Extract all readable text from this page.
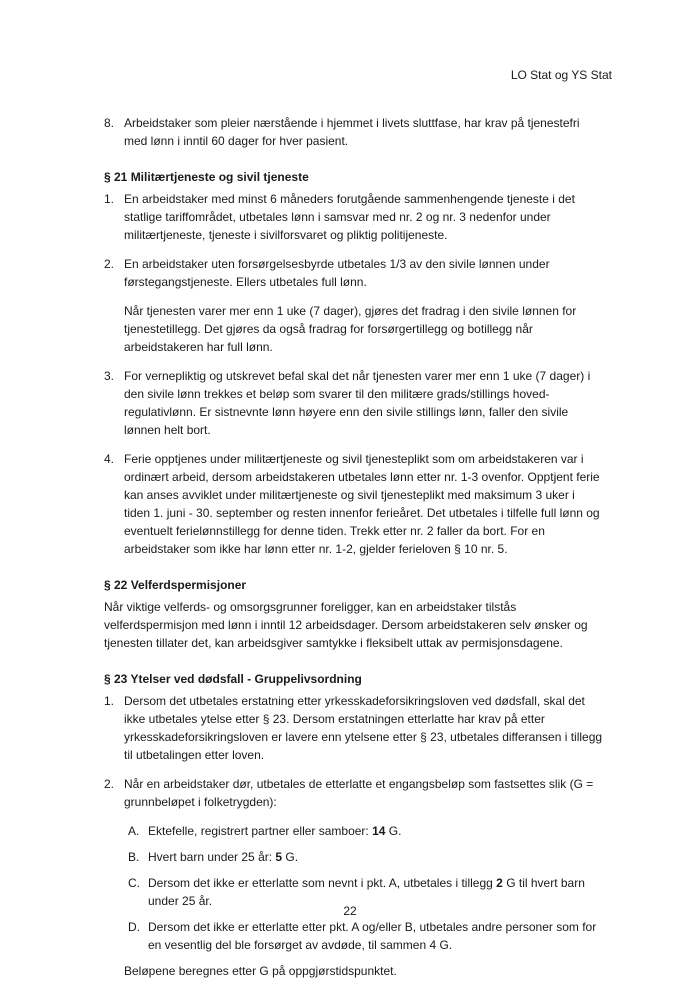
LO Stat og YS Stat
8. Arbeidstaker som pleier nærstående i hjemmet i livets sluttfase, har krav på tjenestefri med lønn i inntil 60 dager for hver pasient.

§ 21 Militærtjeneste og sivil tjeneste
1. En arbeidstaker med minst 6 måneders forutgående sammenhengende tjeneste i det statlige tariffområdet, utbetales lønn i samsvar med nr. 2 og nr. 3 nedenfor under militærtjeneste, tjeneste i sivilforsvaret og pliktig politijeneste.

2. En arbeidstaker uten forsørgelsesbyrde utbetales 1/3 av den sivile lønnen under førstegangstjeneste. Ellers utbetales full lønn.

Når tjenesten varer mer enn 1 uke (7 dager), gjøres det fradrag i den sivile lønnen for tjenestetillegg. Det gjøres da også fradrag for forsørgertillegg og botillegg når arbeidstakeren har full lønn.

3. For vernepliktig og utskrevet befal skal det når tjenesten varer mer enn 1 uke (7 dager) i den sivile lønn trekkes et beløp som svarer til den militære grads/stillings hoved-regulativlønn. Er sistnevnte lønn høyere enn den sivile stillings lønn, faller den sivile lønnen helt bort.

4. Ferie opptjenes under militærtjeneste og sivil tjenesteplikt som om arbeidstakeren var i ordinært arbeid, dersom arbeidstakeren utbetales lønn etter nr. 1-3 ovenfor. Opptjent ferie kan anses avviklet under militærtjeneste og sivil tjenesteplikt med maksimum 3 uker i tiden 1. juni - 30. september og resten innenfor ferieåret. Det utbetales i tilfelle full lønn og eventuelt ferielønnstillegg for denne tiden. Trekk etter nr. 2 faller da bort. For en arbeidstaker som ikke har lønn etter nr. 1-2, gjelder ferieloven § 10 nr. 5.

§ 22 Velferdspermisjoner

Når viktige velferds- og omsorgsgrunner foreligger, kan en arbeidstaker tilstås velferdspermisjon med lønn i inntil 12 arbeidsdager. Dersom arbeidstakeren selv ønsker og tjenesten tillater det, kan arbeidsgiver samtykke i fleksibelt uttak av permisjonsdagene.

§ 23 Ytelser ved dødsfall - Gruppelivsordning
1. Dersom det utbetales erstatning etter yrkesskadeforsikringsloven ved dødsfall, skal det ikke utbetales ytelse etter § 23. Dersom erstatningen etterlatte har krav på etter yrkesskadeforsikringsloven er lavere enn ytelsene etter § 23, utbetales differansen i tillegg til utbetalingen etter loven.

2. Når en arbeidstaker dør, utbetales de etterlatte et engangsbeløp som fastsettes slik (G = grunnbeløpet i folketrygden):

A. Ektefelle, registrert partner eller samboer: 14 G.
B. Hvert barn under 25 år: 5 G.
C. Dersom det ikke er etterlatte som nevnt i pkt. A, utbetales i tillegg 2 G til hvert barn under 25 år.
D. Dersom det ikke er etterlatte etter pkt. A og/eller B, utbetales andre personer som for en vesentlig del ble forsørget av avdøde, til sammen 4 G.

Beløpene beregnes etter G på oppgjørstidspunktet.

22
